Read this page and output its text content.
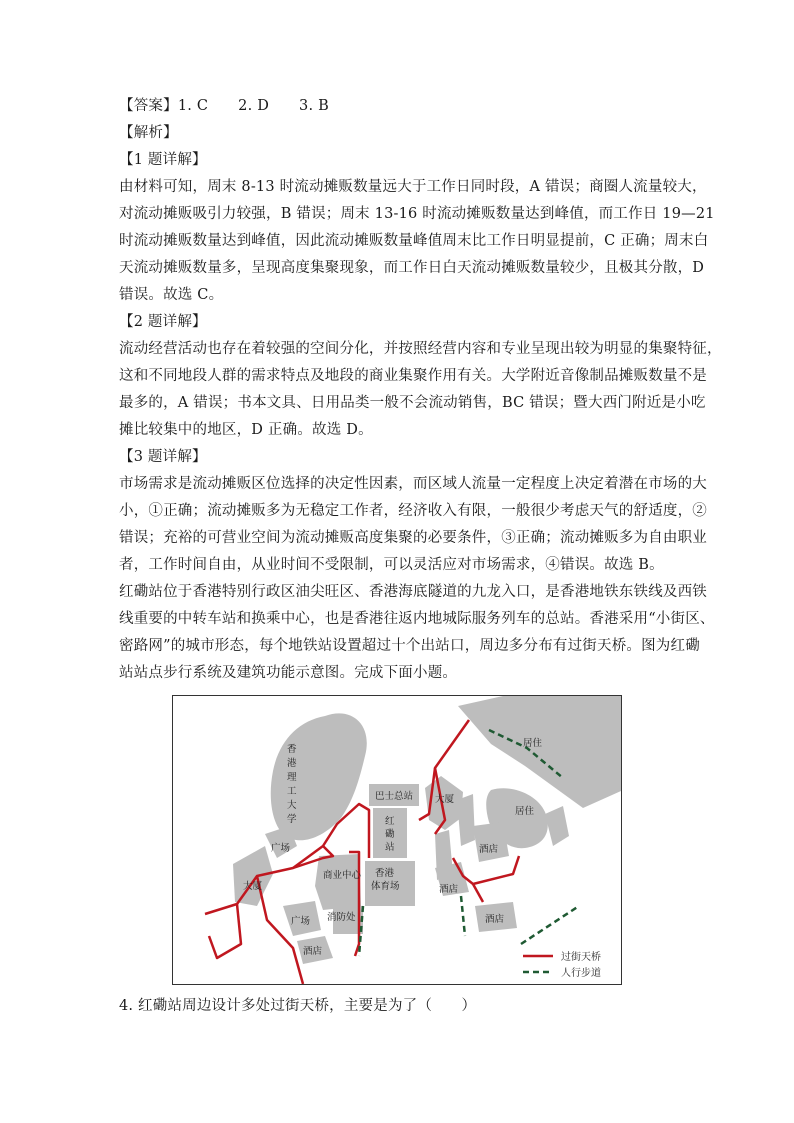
【答案】1. C 2. D 3. B
【解析】
【1 题详解】
由材料可知，周末 8-13 时流动摊贩数量远大于工作日同时段，A 错误；商圈人流量较大，
对流动摊贩吸引力较强，B 错误；周末 13-16 时流动摊贩数量达到峰值，而工作日 19—21
时流动摊贩数量达到峰值，因此流动摊贩数量峰值周末比工作日明显提前，C 正确；周末白
天流动摊贩数量多，呈现高度集聚现象，而工作日白天流动摊贩数量较少，且极其分散，D
错误。故选 C。
【2 题详解】
流动经营活动也存在着较强的空间分化，并按照经营内容和专业呈现出较为明显的集聚特征，
这和不同地段人群的需求特点及地段的商业集聚作用有关。大学附近音像制品摊贩数量不是
最多的，A 错误；书本文具、日用品类一般不会流动销售，BC 错误；暨大西门附近是小吃
摊比较集中的地区，D 正确。故选 D。
【3 题详解】
市场需求是流动摊贩区位选择的决定性因素，而区域人流量一定程度上决定着潜在市场的大
小，①正确；流动摊贩多为无稳定工作者，经济收入有限，一般很少考虑天气的舒适度，②
错误；充裕的可营业空间为流动摊贩高度集聚的必要条件，③正确；流动摊贩多为自由职业
者，工作时间自由，从业时间不受限制，可以灵活应对市场需求，④错误。故选 B。
红磡站位于香港特别行政区油尖旺区、香港海底隧道的九龙入口，是香港地铁东铁线及西铁
线重要的中转车站和换乘中心，也是香港往返内地城际服务列车的总站。香港采用“小街区、
密路网”的城市形态，每个地铁站设置超过十个出站口，周边多分布有过街天桥。图为红磡
站站点步行系统及建筑功能示意图。完成下面小题。
香
港
理
工
大
学
巴士总站
红
磡
站
广场
大厦
商业中心 香港
体育场
消防处
广场
酒店
大厦
居住
居住
酒店
酒店
酒店
过街天桥
人行步道
4. 红磡站周边设计多处过街天桥，主要是为了（　　）
